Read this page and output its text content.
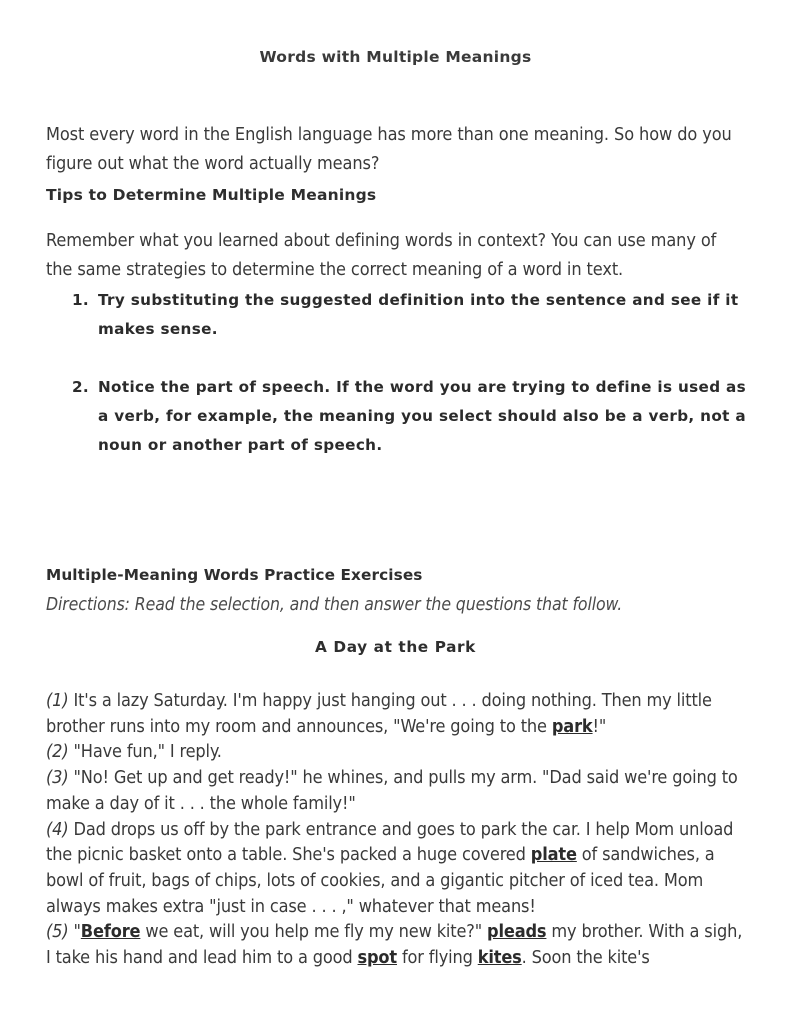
Words with Multiple Meanings
Most every word in the English language has more than one meaning. So how do you figure out what the word actually means?
Tips to Determine Multiple Meanings
Remember what you learned about defining words in context? You can use many of the same strategies to determine the correct meaning of a word in text.
1. Try substituting the suggested definition into the sentence and see if it makes sense.
2. Notice the part of speech. If the word you are trying to define is used as a verb, for example, the meaning you select should also be a verb, not a noun or another part of speech.
Multiple-Meaning Words Practice Exercises
Directions: Read the selection, and then answer the questions that follow.
A Day at the Park

(1) It's a lazy Saturday. I'm happy just hanging out . . . doing nothing. Then my little brother runs into my room and announces, "We're going to the park!"

(2) "Have fun," I reply.

(3) "No! Get up and get ready!" he whines, and pulls my arm. "Dad said we're going to make a day of it . . . the whole family!"

(4) Dad drops us off by the park entrance and goes to park the car. I help Mom unload the picnic basket onto a table. She's packed a huge covered plate of sandwiches, a bowl of fruit, bags of chips, lots of cookies, and a gigantic pitcher of iced tea. Mom always makes extra "just in case . . . ," whatever that means!

(5) "Before we eat, will you help me fly my new kite?" pleads my brother. With a sigh, I take his hand and lead him to a good spot for flying kites. Soon the kite's
